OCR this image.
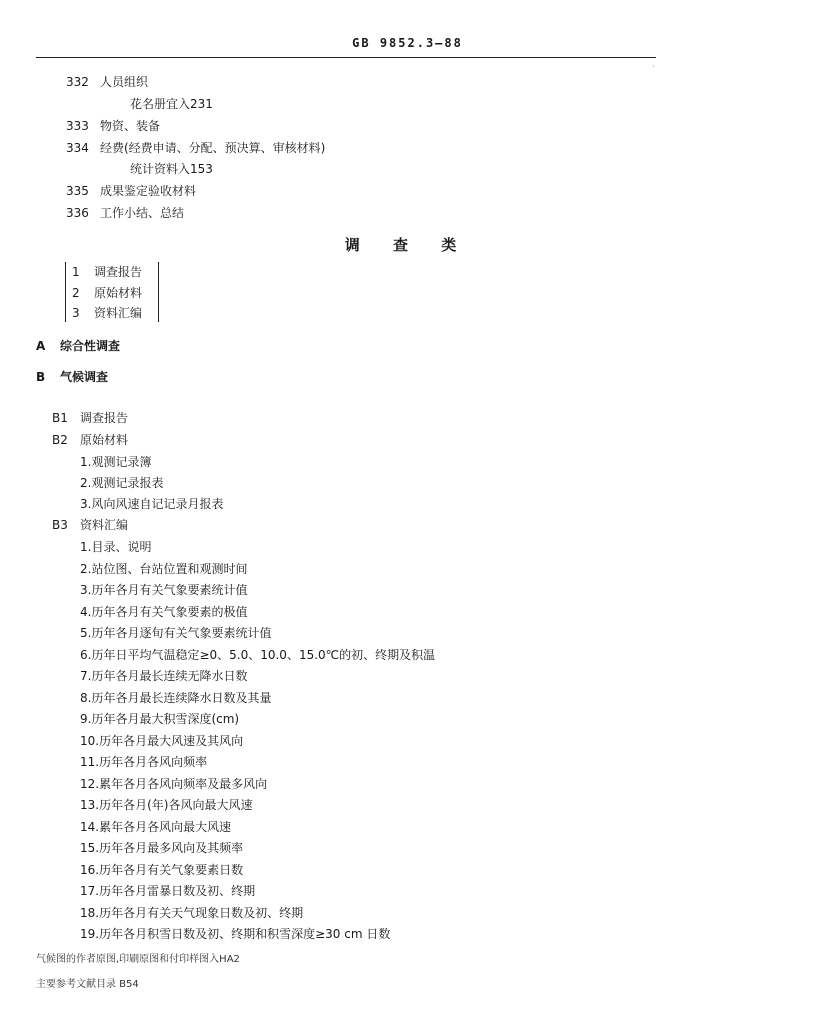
GB 9852.3—88
·
332 人员组织
花名册宜入231
333 物资、装备
334 经费(经费申请、分配、预决算、审核材料)
统计资料入153
335 成果鉴定验收材料
336 工作小结、总结
调 查 类
1 调查报告
2 原始材料
3 资料汇编
A 综合性调查
B 气候调查
B1 调查报告
B2 原始材料
1.观测记录簿
2.观测记录报表
3.风向风速自记记录月报表
B3 资料汇编
1.目录、说明
2.站位图、台站位置和观测时间
3.历年各月有关气象要素统计值
4.历年各月有关气象要素的极值
5.历年各月逐旬有关气象要素统计值
6.历年日平均气温稳定≥0、5.0、10.0、15.0℃的初、终期及积温
7.历年各月最长连续无降水日数
8.历年各月最长连续降水日数及其量
9.历年各月最大积雪深度(cm)
10.历年各月最大风速及其风向
11.历年各月各风向频率
12.累年各月各风向频率及最多风向
13.历年各月(年)各风向最大风速
14.累年各月各风向最大风速
15.历年各月最多风向及其频率
16.历年各月有关气象要素日数
17.历年各月雷暴日数及初、终期
18.历年各月有关天气现象日数及初、终期
19.历年各月积雪日数及初、终期和积雪深度≥30 cm 日数
气候图的作者原图,印刷原图和付印样图入HA2
主要参考文献目录 B54
